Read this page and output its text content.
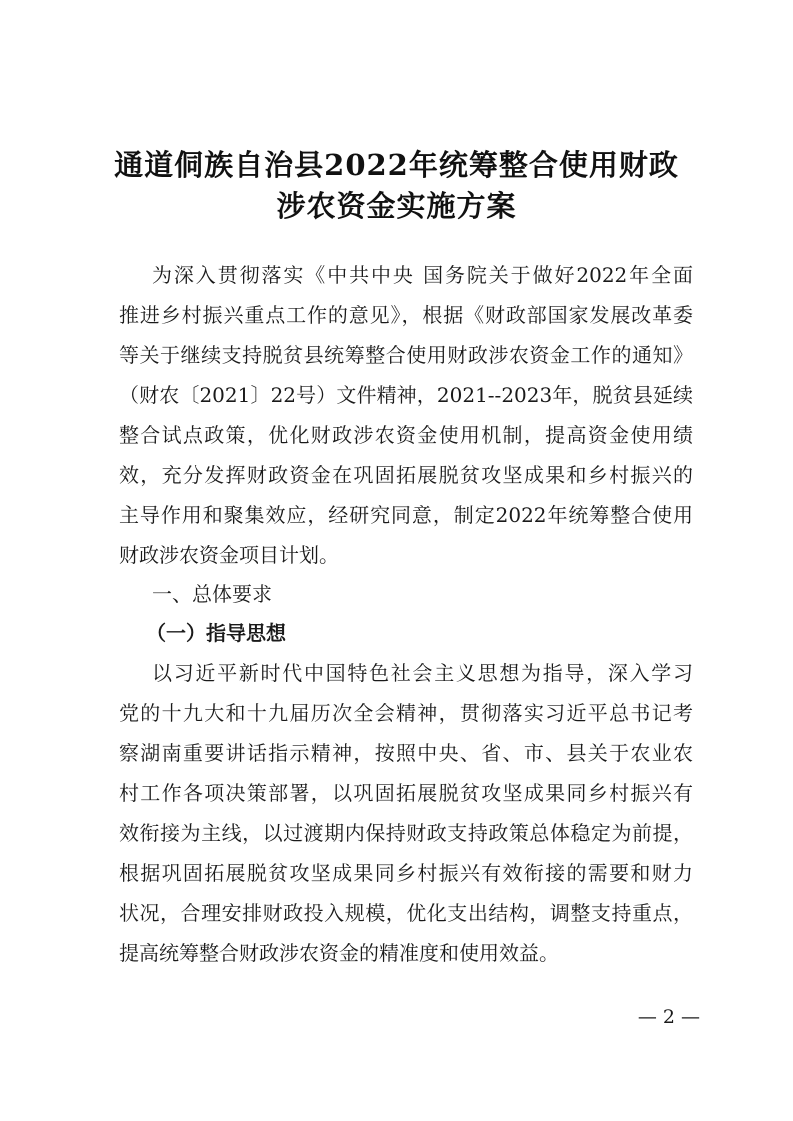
通道侗族自治县2022年统筹整合使用财政
涉农资金实施方案
为深入贯彻落实《中共中央 国务院关于做好2022年全面
推进乡村振兴重点工作的意见》，根据《财政部国家发展改革委
等关于继续支持脱贫县统筹整合使用财政涉农资金工作的通知》
（财农〔2021〕22号）文件精神，2021--2023年，脱贫县延续
整合试点政策，优化财政涉农资金使用机制，提高资金使用绩
效，充分发挥财政资金在巩固拓展脱贫攻坚成果和乡村振兴的
主导作用和聚集效应，经研究同意，制定2022年统筹整合使用
财政涉农资金项目计划。
一、总体要求
（一）指导思想
以习近平新时代中国特色社会主义思想为指导，深入学习
党的十九大和十九届历次全会精神，贯彻落实习近平总书记考
察湖南重要讲话指示精神，按照中央、省、市、县关于农业农
村工作各项决策部署，以巩固拓展脱贫攻坚成果同乡村振兴有
效衔接为主线，以过渡期内保持财政支持政策总体稳定为前提，
根据巩固拓展脱贫攻坚成果同乡村振兴有效衔接的需要和财力
状况，合理安排财政投入规模，优化支出结构，调整支持重点，
提高统筹整合财政涉农资金的精准度和使用效益。
— 2 —
